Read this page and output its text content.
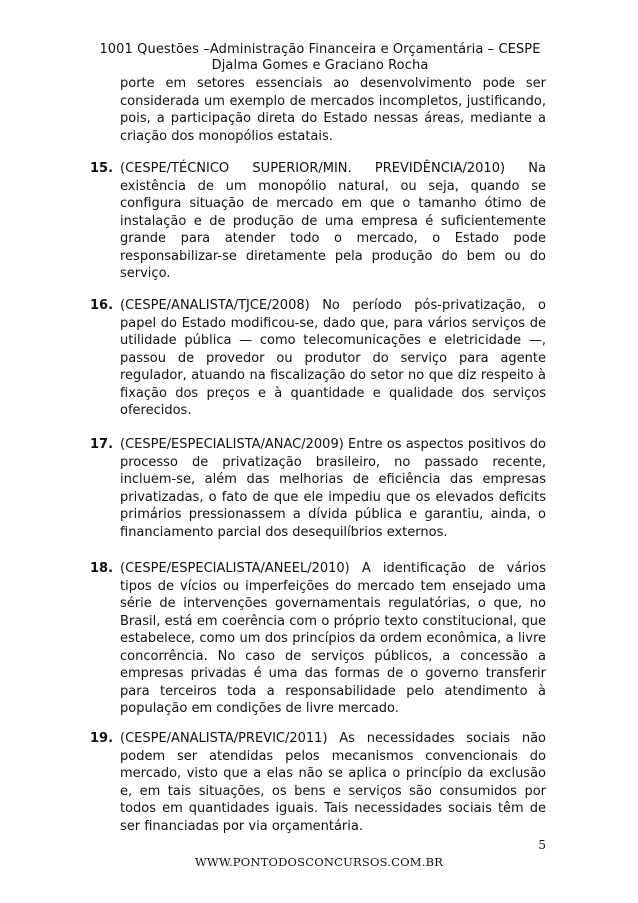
1001 Questões –Administração Financeira e Orçamentária – CESPE
Djalma Gomes e Graciano Rocha
porte em setores essenciais ao desenvolvimento pode ser considerada um exemplo de mercados incompletos, justificando, pois, a participação direta do Estado nessas áreas, mediante a criação dos monopólios estatais.
15. (CESPE/TÉCNICO SUPERIOR/MIN. PREVIDÊNCIA/2010) Na existência de um monopólio natural, ou seja, quando se configura situação de mercado em que o tamanho ótimo de instalação e de produção de uma empresa é suficientemente grande para atender todo o mercado, o Estado pode responsabilizar-se diretamente pela produção do bem ou do serviço.
16. (CESPE/ANALISTA/TJCE/2008) No período pós-privatização, o papel do Estado modificou-se, dado que, para vários serviços de utilidade pública — como telecomunicações e eletricidade —, passou de provedor ou produtor do serviço para agente regulador, atuando na fiscalização do setor no que diz respeito à fixação dos preços e à quantidade e qualidade dos serviços oferecidos.
17. (CESPE/ESPECIALISTA/ANAC/2009) Entre os aspectos positivos do processo de privatização brasileiro, no passado recente, incluem-se, além das melhorias de eficiência das empresas privatizadas, o fato de que ele impediu que os elevados deficits primários pressionassem a dívida pública e garantiu, ainda, o financiamento parcial dos desequilíbrios externos.
18. (CESPE/ESPECIALISTA/ANEEL/2010) A identificação de vários tipos de vícios ou imperfeições do mercado tem ensejado uma série de intervenções governamentais regulatórias, o que, no Brasil, está em coerência com o próprio texto constitucional, que estabelece, como um dos princípios da ordem econômica, a livre concorrência. No caso de serviços públicos, a concessão a empresas privadas é uma das formas de o governo transferir para terceiros toda a responsabilidade pelo atendimento à população em condições de livre mercado.
19. (CESPE/ANALISTA/PREVIC/2011) As necessidades sociais não podem ser atendidas pelos mecanismos convencionais do mercado, visto que a elas não se aplica o princípio da exclusão e, em tais situações, os bens e serviços são consumidos por todos em quantidades iguais. Tais necessidades sociais têm de ser financiadas por via orçamentária.
5
WWW.PONTODOSCONCURSOS.COM.BR
